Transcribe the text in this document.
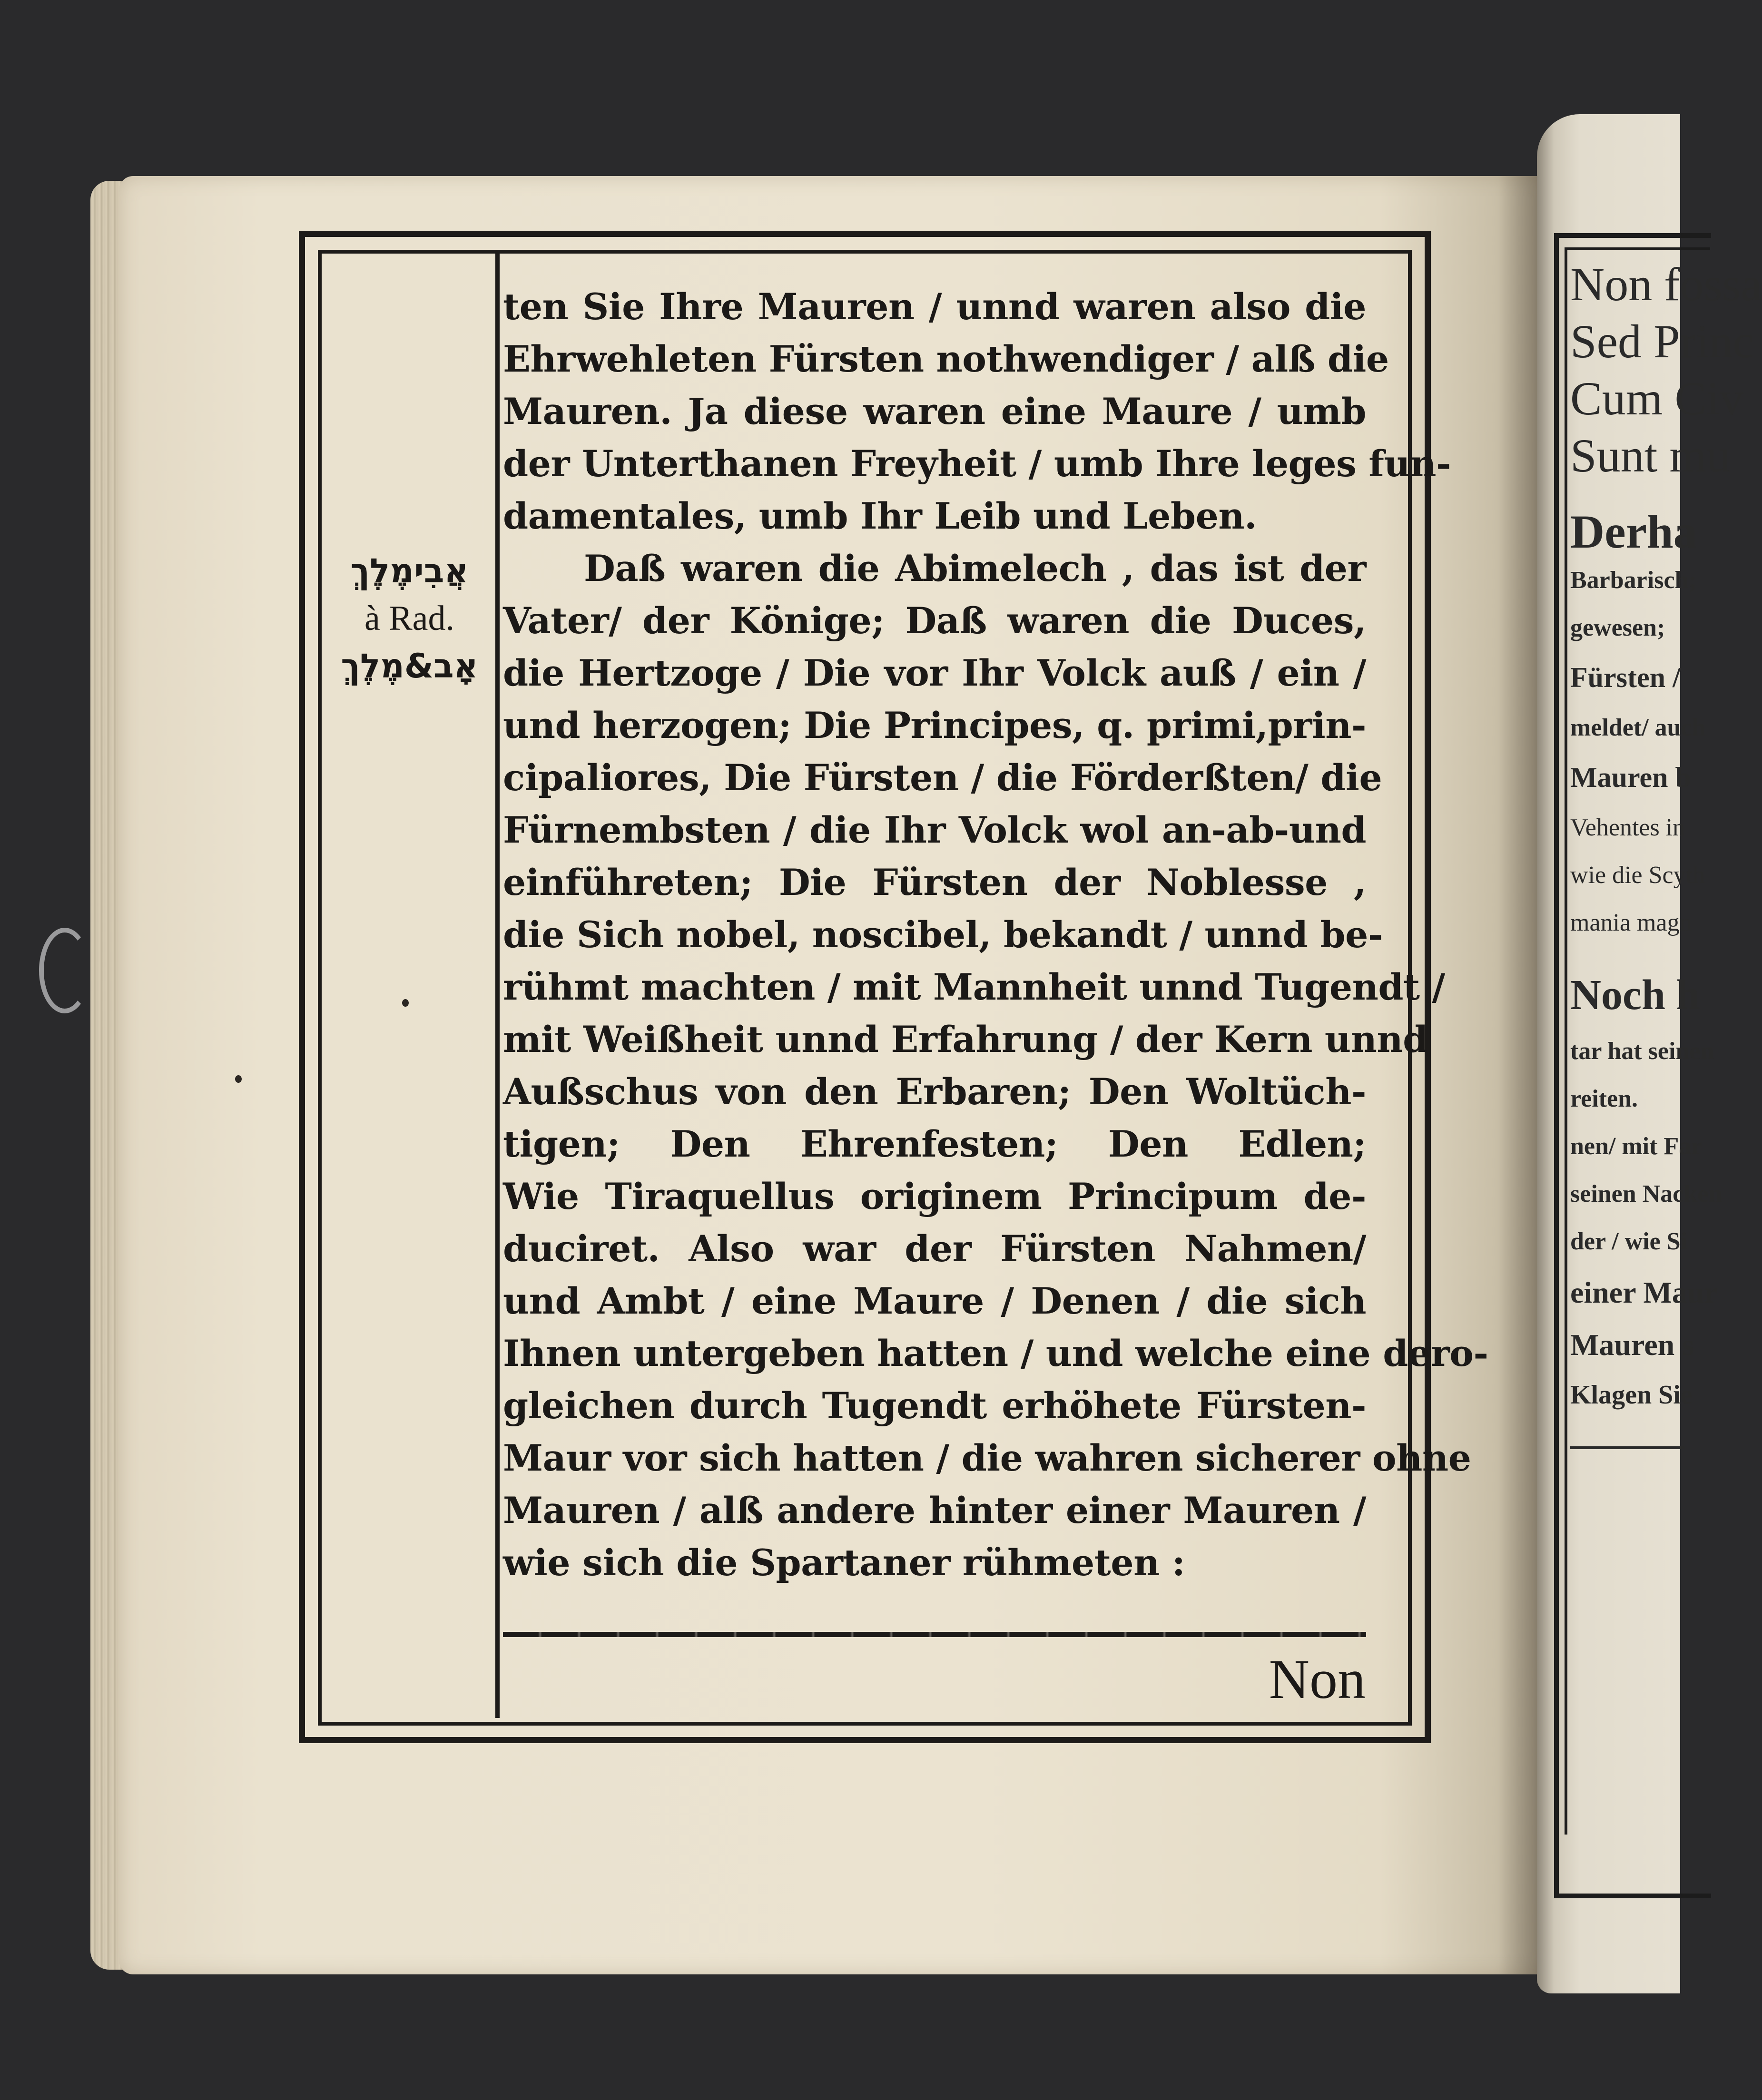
Non fossa
Sed Princ
Cum Civ
Sunt mu
Derha
Barbarisch;
gewesen;
Fürsten /
meldet/ auch
Mauren b
Vehentes in
wie die Scyth
mania magn
Noch h
tar hat seinen
reiten.
nen/ mit Far
seinen Nacken
der / wie Si
einer Maur
Mauren s
Klagen Sie
אֲבִימֶלֶךְ
à Rad.
אָב&מֶלֶךְ
ten Sie Ihre Mauren / unnd waren also die
Ehrwehleten Fürsten nothwendiger / alß die
Mauren. Ja diese waren eine Maure / umb
der Unterthanen Freyheit / umb Ihre leges fun-
damentales, umb Ihr Leib und Leben.
Daß waren die Abimelech , das ist der
Vater/ der Könige; Daß waren die Duces,
die Hertzoge / Die vor Ihr Volck auß / ein /
und herzogen; Die Principes, q. primi,prin-
cipaliores, Die Fürsten / die Förderßten/ die
Fürnembsten / die Ihr Volck wol an-ab-und
einführeten; Die Fürsten der Noblesse ,
die Sich nobel, noscibel, bekandt / unnd be-
rühmt machten / mit Mannheit unnd Tugendt /
mit Weißheit unnd Erfahrung / der Kern unnd
Außschus von den Erbaren; Den Woltüch-
tigen; Den Ehrenfesten; Den Edlen;
Wie Tiraquellus originem Principum de-
duciret. Also war der Fürsten Nahmen/
und Ambt / eine Maure / Denen / die sich
Ihnen untergeben hatten / und welche eine dero-
gleichen durch Tugendt erhöhete Fürsten-
Maur vor sich hatten / die wahren sicherer ohne
Mauren / alß andere hinter einer Mauren /
wie sich die Spartaner rühmeten :
Non
